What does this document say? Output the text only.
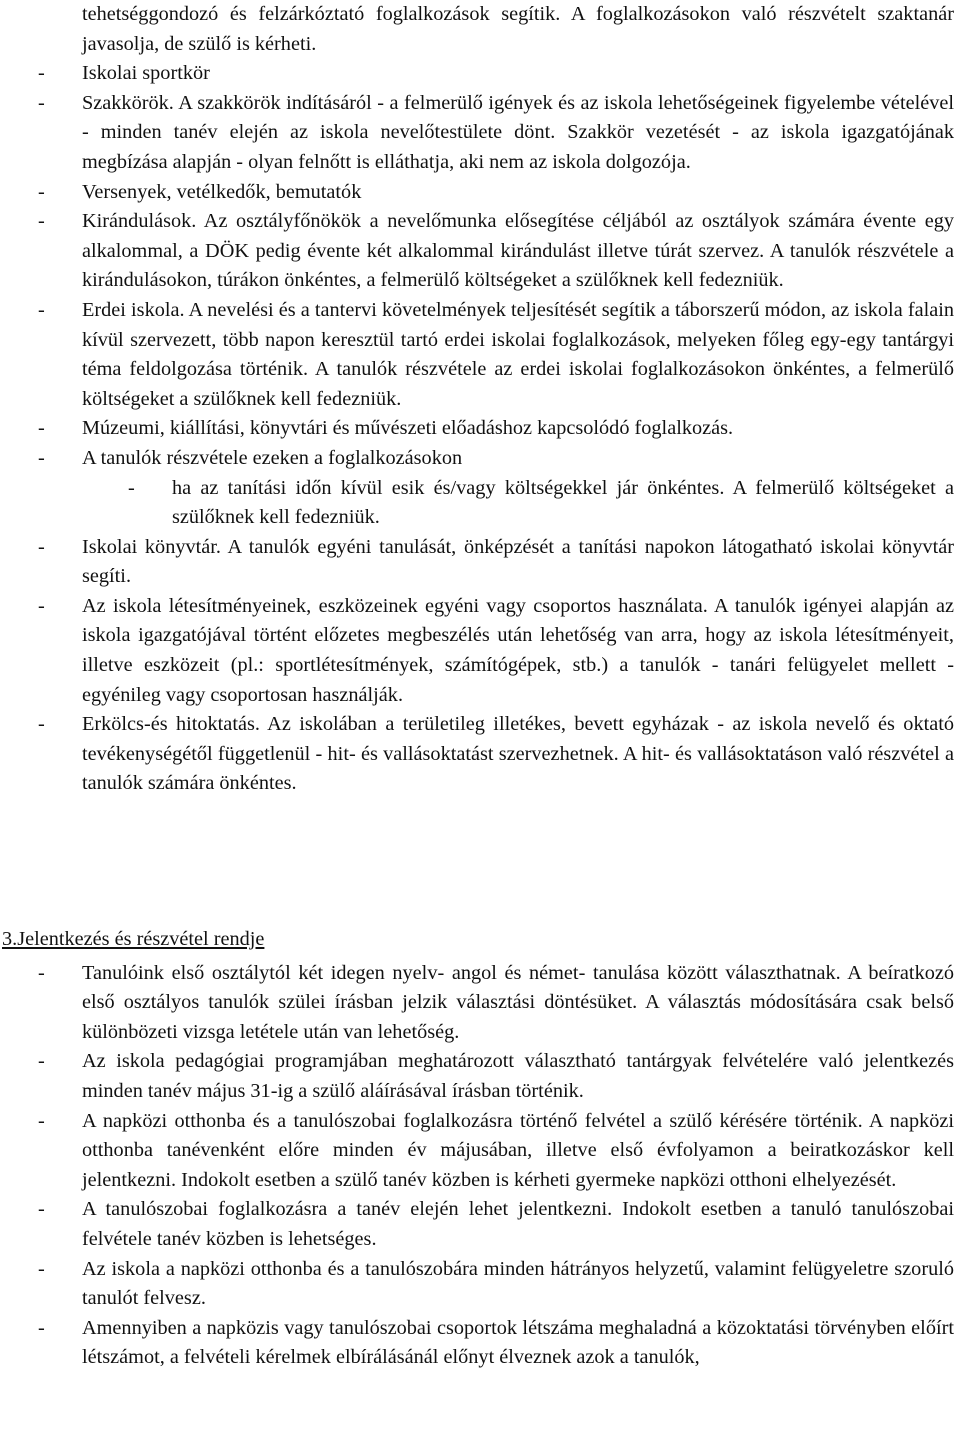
tehetséggondozó és felzárkóztató foglalkozások segítik. A foglalkozásokon való részvételt szaktanár javasolja, de szülő is kérheti.

- Iskolai sportkör
- Szakkörök. A szakkörök indításáról - a felmerülő igények és az iskola lehetőségeinek figyelembe vételével - minden tanév elején az iskola nevelőtestülete dönt. Szakkör vezetését - az iskola igazgatójának megbízása alapján - olyan felnőtt is elláthatja, aki nem az iskola dolgozója.
- Versenyek, vetélkedők, bemutatók
- Kirándulások. Az osztályfőnökök a nevelőmunka elősegítése céljából az osztályok számára évente egy alkalommal, a DÖK pedig évente két alkalommal kirándulást illetve túrát szervez. A tanulók részvétele a kirándulásokon, túrákon önkéntes, a felmerülő költségeket a szülőknek kell fedezniük.
- Erdei iskola. A nevelési és a tantervi követelmények teljesítését segítik a táborszerű módon, az iskola falain kívül szervezett, több napon keresztül tartó erdei iskolai foglalkozások, melyeken főleg egy-egy tantárgyi téma feldolgozása történik. A tanulók részvétele az erdei iskolai foglalkozásokon önkéntes, a felmerülő költségeket a szülőknek kell fedezniük.
- Múzeumi, kiállítási, könyvtári és művészeti előadáshoz kapcsolódó foglalkozás.
- A tanulók részvétele ezeken a foglalkozásokon
- ha az tanítási időn kívül esik és/vagy költségekkel jár önkéntes. A felmerülő költségeket a szülőknek kell fedezniük.
- Iskolai könyvtár. A tanulók egyéni tanulását, önképzését a tanítási napokon látogatható iskolai könyvtár segíti.
- Az iskola létesítményeinek, eszközeinek egyéni vagy csoportos használata. A tanulók igényei alapján az iskola igazgatójával történt előzetes megbeszélés után lehetőség van arra, hogy az iskola létesítményeit, illetve eszközeit (pl.: sportlétesítmények, számítógépek, stb.) a tanulók - tanári felügyelet mellett - egyénileg vagy csoportosan használják.
- Erkölcs-és hitoktatás. Az iskolában a területileg illetékes, bevett egyházak - az iskola nevelő és oktató tevékenységétől függetlenül - hit- és vallásoktatást szervezhetnek. A hit- és vallásoktatáson való részvétel a tanulók számára önkéntes.

3.Jelentkezés és részvétel rendje

- Tanulóink első osztálytól két idegen nyelv- angol és német- tanulása között választhatnak. A beíratkozó első osztályos tanulók szülei írásban jelzik választási döntésüket. A választás módosítására csak belső különbözeti vizsga letétele után van lehetőség.
- Az iskola pedagógiai programjában meghatározott választható tantárgyak felvételére való jelentkezés minden tanév május 31-ig a szülő aláírásával írásban történik.
- A napközi otthonba és a tanulószobai foglalkozásra történő felvétel a szülő kérésére történik. A napközi otthonba tanévenként előre minden év májusában, illetve első évfolyamon a beiratkozáskor kell jelentkezni. Indokolt esetben a szülő tanév közben is kérheti gyermeke napközi otthoni elhelyezését.
- A tanulószobai foglalkozásra a tanév elején lehet jelentkezni. Indokolt esetben a tanuló tanulószobai felvétele tanév közben is lehetséges.
- Az iskola a napközi otthonba és a tanulószobára minden hátrányos helyzetű, valamint felügyeletre szoruló tanulót felvesz.
- Amennyiben a napközis vagy tanulószobai csoportok létszáma meghaladná a közoktatási törvényben előírt létszámot, a felvételi kérelmek elbírálásánál előnyt élveznek azok a tanulók,
